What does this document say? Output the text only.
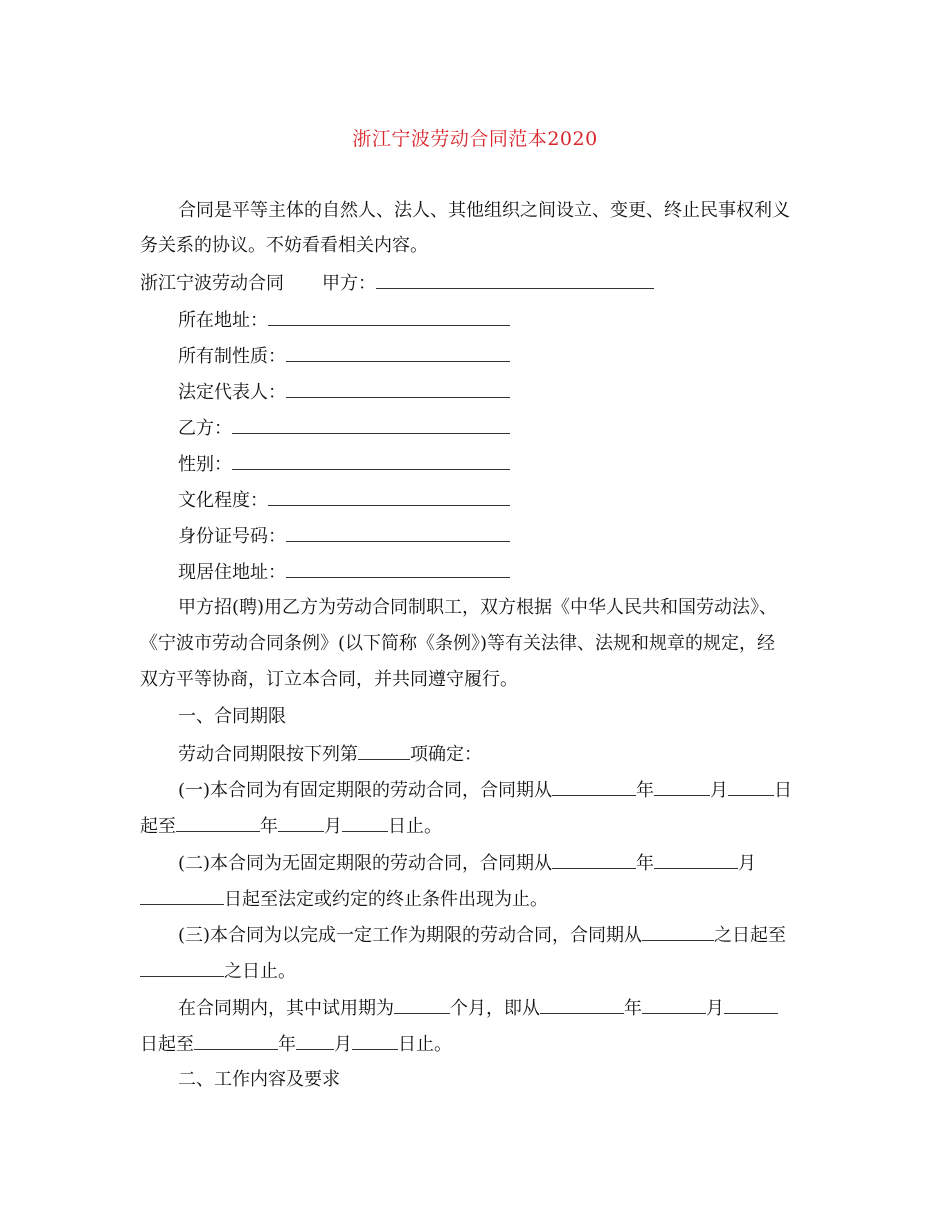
浙江宁波劳动合同范本2020
合同是平等主体的自然人、法人、其他组织之间设立、变更、终止民事权利义
务关系的协议。不妨看看相关内容。
浙江宁波劳动合同 甲方：
所在地址：
所有制性质：
法定代表人：
乙方：
性别：
文化程度：
身份证号码：
现居住地址：
甲方招(聘)用乙方为劳动合同制职工，双方根据《中华人民共和国劳动法》、
《宁波市劳动合同条例》(以下简称《条例》)等有关法律、法规和规章的规定，经
双方平等协商，订立本合同，并共同遵守履行。
一、合同期限
劳动合同期限按下列第	项确定：
(一)本合同为有固定期限的劳动合同，合同期从	年	月	日
起至	年	月	日止。
(二)本合同为无固定期限的劳动合同，合同期从	年	月
日起至法定或约定的终止条件出现为止。
(三)本合同为以完成一定工作为期限的劳动合同，合同期从	之日起至
之日止。
在合同期内，其中试用期为	个月，即从	年	月
日起至	年 月	日止。
二、工作内容及要求
